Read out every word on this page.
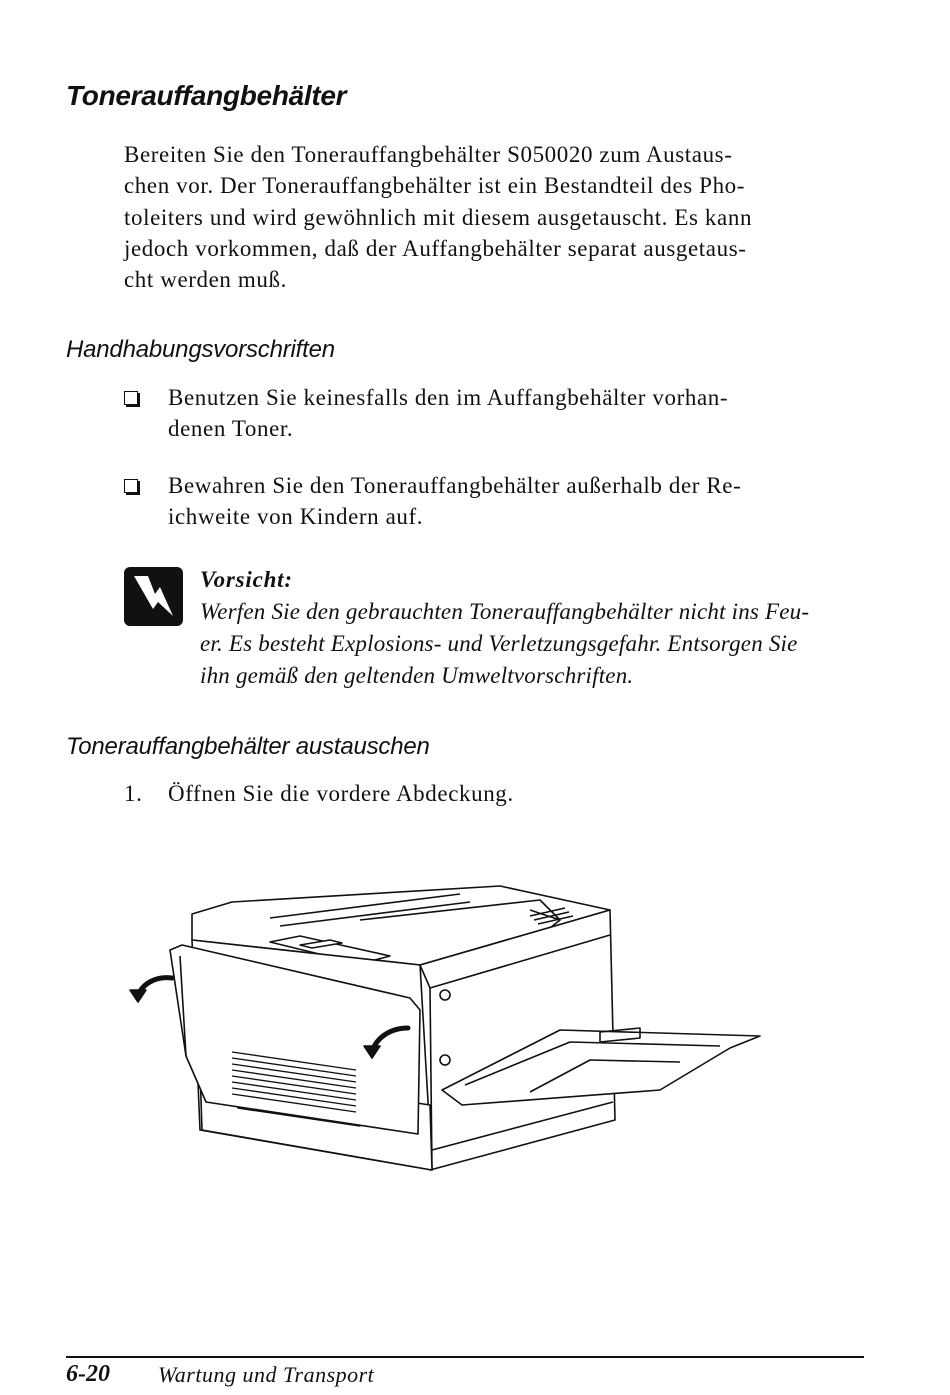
Tonerauffangbehälter
Bereiten Sie den Tonerauffangbehälter S050020 zum Austaus-
chen vor. Der Tonerauffangbehälter ist ein Bestandteil des Pho-
toleiters und wird gewöhnlich mit diesem ausgetauscht. Es kann
jedoch vorkommen, daß der Auffangbehälter separat ausgetaus-
cht werden muß.
Handhabungsvorschriften
Benutzen Sie keinesfalls den im Auffangbehälter vorhan-
denen Toner.
Bewahren Sie den Tonerauffangbehälter außerhalb der Re-
ichweite von Kindern auf.
Vorsicht:
Werfen Sie den gebrauchten Tonerauffangbehälter nicht ins Feu-
er. Es besteht Explosions- und Verletzungsgefahr. Entsorgen Sie
ihn gemäß den geltenden Umweltvorschriften.
Tonerauffangbehälter austauschen
1. Öffnen Sie die vordere Abdeckung.
6-20 Wartung und Transport
